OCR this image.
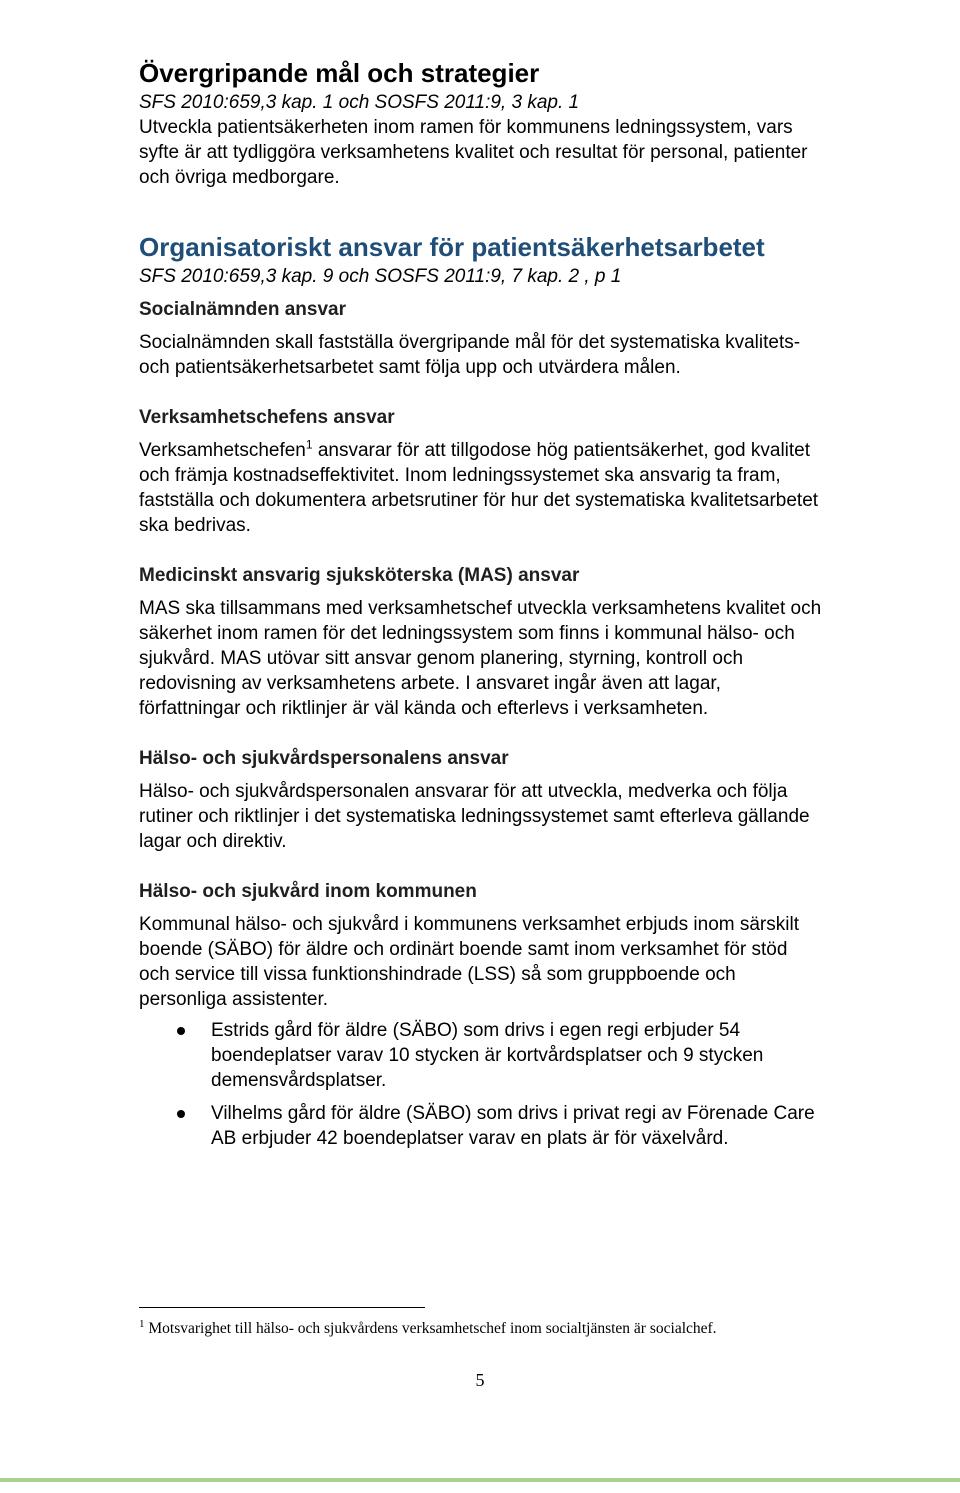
Övergripande mål och strategier

SFS 2010:659,3 kap. 1 och SOSFS 2011:9, 3 kap. 1

Utveckla patientsäkerheten inom ramen för kommunens ledningssystem, vars syfte är att tydliggöra verksamhetens kvalitet och resultat för personal, patienter och övriga medborgare.

Organisatoriskt ansvar för patientsäkerhetsarbetet

SFS 2010:659,3 kap. 9 och SOSFS 2011:9, 7 kap. 2 , p 1

Socialnämnden ansvar

Socialnämnden skall fastställa övergripande mål för det systematiska kvalitets- och patientsäkerhetsarbetet samt följa upp och utvärdera målen.

Verksamhetschefens ansvar

Verksamhetschefen$^1$ ansvarar för att tillgodose hög patientsäkerhet, god kvalitet och främja kostnadseffektivitet. Inom ledningssystemet ska ansvarig ta fram, fastställa och dokumentera arbetsrutiner för hur det systematiska kvalitetsarbetet ska bedrivas.

Medicinskt ansvarig sjuksköterska (MAS) ansvar

MAS ska tillsammans med verksamhetschef utveckla verksamhetens kvalitet och säkerhet inom ramen för det ledningssystem som finns i kommunal hälso- och sjukvård. MAS utövar sitt ansvar genom planering, styrning, kontroll och redovisning av verksamhetens arbete. I ansvaret ingår även att lagar, författningar och riktlinjer är väl kända och efterlevs i verksamheten.

Hälso- och sjukvårdspersonalens ansvar

Hälso- och sjukvårdspersonalen ansvarar för att utveckla, medverka och följa rutiner och riktlinjer i det systematiska ledningssystemet samt efterleva gällande lagar och direktiv.

Hälso- och sjukvård inom kommunen

Kommunal hälso- och sjukvård i kommunens verksamhet erbjuds inom särskilt boende (SÄBO) för äldre och ordinärt boende samt inom verksamhet för stöd och service till vissa funktionshindrade (LSS) så som gruppboende och personliga assistenter.

Estrids gård för äldre (SÄBO) som drivs i egen regi erbjuder 54 boendeplatser varav 10 stycken är kortvårdsplatser och 9 stycken demensvårdsplatser.
Vilhelms gård för äldre (SÄBO) som drivs i privat regi av Förenade Care AB erbjuder 42 boendeplatser varav en plats är för växelvård.
$^1$ Motsvarighet till hälso- och sjukvårdens verksamhetschef inom socialtjänsten är socialchef.
5
